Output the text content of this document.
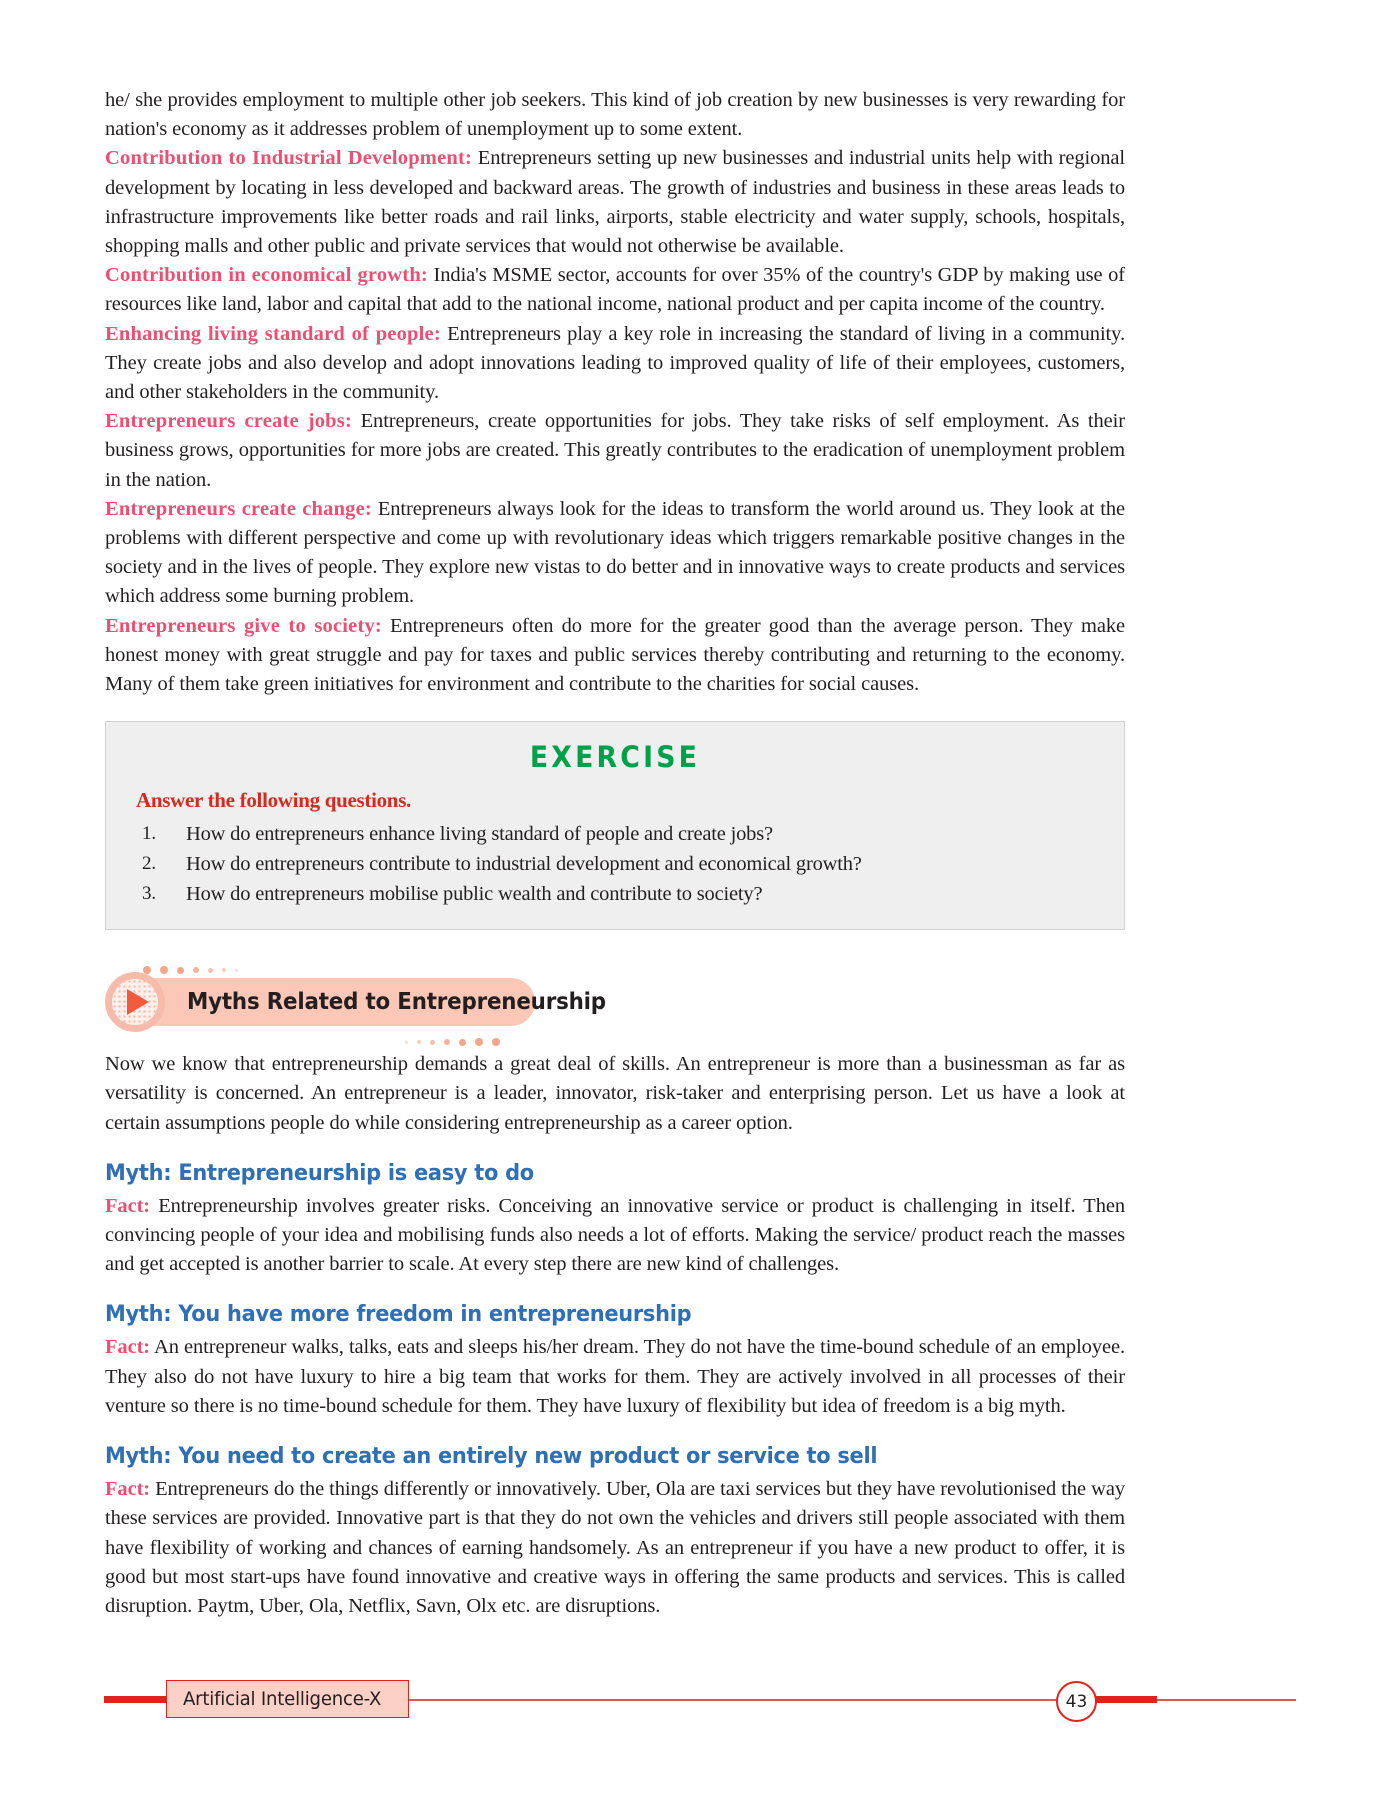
he/ she provides employment to multiple other job seekers. This kind of job creation by new businesses is very rewarding for nation's economy as it addresses problem of unemployment up to some extent.

Contribution to Industrial Development: Entrepreneurs setting up new businesses and industrial units help with regional development by locating in less developed and backward areas. The growth of industries and business in these areas leads to infrastructure improvements like better roads and rail links, airports, stable electricity and water supply, schools, hospitals, shopping malls and other public and private services that would not otherwise be available.

Contribution in economical growth: India's MSME sector, accounts for over 35% of the country's GDP by making use of resources like land, labor and capital that add to the national income, national product and per capita income of the country.

Enhancing living standard of people: Entrepreneurs play a key role in increasing the standard of living in a community. They create jobs and also develop and adopt innovations leading to improved quality of life of their employees, customers, and other stakeholders in the community.

Entrepreneurs create jobs: Entrepreneurs, create opportunities for jobs. They take risks of self employment. As their business grows, opportunities for more jobs are created. This greatly contributes to the eradication of unemployment problem in the nation.

Entrepreneurs create change: Entrepreneurs always look for the ideas to transform the world around us. They look at the problems with different perspective and come up with revolutionary ideas which triggers remarkable positive changes in the society and in the lives of people. They explore new vistas to do better and in innovative ways to create products and services which address some burning problem.

Entrepreneurs give to society: Entrepreneurs often do more for the greater good than the average person. They make honest money with great struggle and pay for taxes and public services thereby contributing and returning to the economy. Many of them take green initiatives for environment and contribute to the charities for social causes.

EXERCISE
Answer the following questions.
How do entrepreneurs enhance living standard of people and create jobs?
How do entrepreneurs contribute to industrial development and economical growth?
How do entrepreneurs mobilise public wealth and contribute to society?
Myths Related to Entrepreneurship

Now we know that entrepreneurship demands a great deal of skills. An entrepreneur is more than a businessman as far as versatility is concerned. An entrepreneur is a leader, innovator, risk-taker and enterprising person. Let us have a look at certain assumptions people do while considering entrepreneurship as a career option.

Myth: Entrepreneurship is easy to do

Fact: Entrepreneurship involves greater risks. Conceiving an innovative service or product is challenging in itself. Then convincing people of your idea and mobilising funds also needs a lot of efforts. Making the service/ product reach the masses and get accepted is another barrier to scale. At every step there are new kind of challenges.

Myth: You have more freedom in entrepreneurship

Fact: An entrepreneur walks, talks, eats and sleeps his/her dream. They do not have the time-bound schedule of an employee. They also do not have luxury to hire a big team that works for them. They are actively involved in all processes of their venture so there is no time-bound schedule for them. They have luxury of flexibility but idea of freedom is a big myth.

Myth: You need to create an entirely new product or service to sell

Fact: Entrepreneurs do the things differently or innovatively. Uber, Ola are taxi services but they have revolutionised the way these services are provided. Innovative part is that they do not own the vehicles and drivers still people associated with them have flexibility of working and chances of earning handsomely. As an entrepreneur if you have a new product to offer, it is good but most start-ups have found innovative and creative ways in offering the same products and services. This is called disruption. Paytm, Uber, Ola, Netflix, Savn, Olx etc. are disruptions.

Artificial Intelligence-X	43
